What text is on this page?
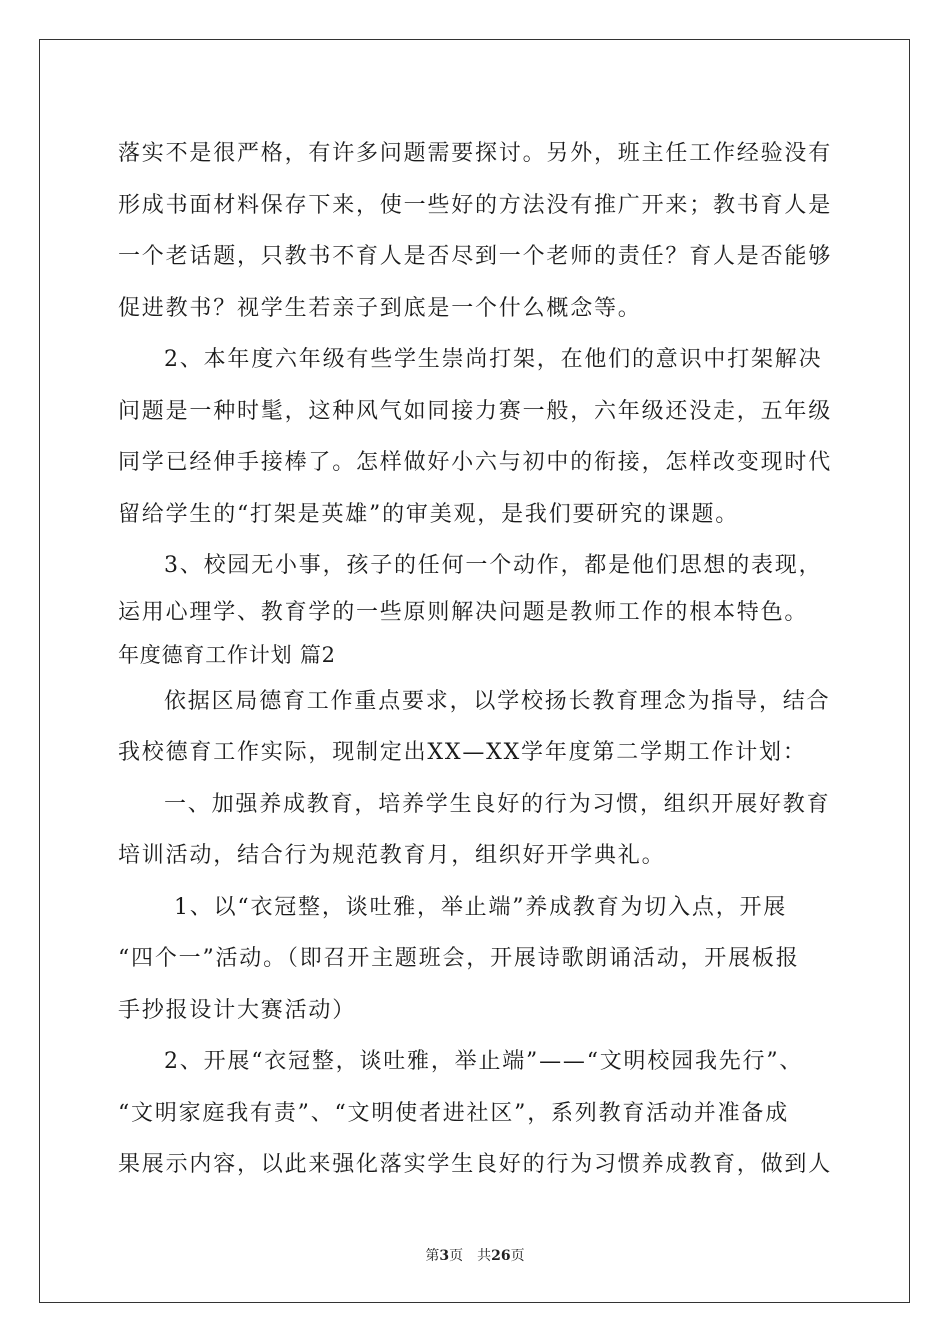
落实不是很严格，有许多问题需要探讨。另外，班主任工作经验没有
形成书面材料保存下来，使一些好的方法没有推广开来；教书育人是
一个老话题，只教书不育人是否尽到一个老师的责任？育人是否能够
促进教书？视学生若亲子到底是一个什么概念等。
2、本年度六年级有些学生崇尚打架，在他们的意识中打架解决
问题是一种时髦，这种风气如同接力赛一般，六年级还没走，五年级
同学已经伸手接棒了。怎样做好小六与初中的衔接，怎样改变现时代
留给学生的“打架是英雄”的审美观，是我们要研究的课题。
3、校园无小事，孩子的任何一个动作，都是他们思想的表现，
运用心理学、教育学的一些原则解决问题是教师工作的根本特色。
年度德育工作计划 篇2
依据区局德育工作重点要求，以学校扬长教育理念为指导，结合
我校德育工作实际，现制定出XX—XX学年度第二学期工作计划：
一、加强养成教育，培养学生良好的行为习惯，组织开展好教育
培训活动，结合行为规范教育月，组织好开学典礼。
1、以“衣冠整，谈吐雅，举止端”养成教育为切入点，开展
“四个一”活动。（即召开主题班会，开展诗歌朗诵活动，开展板报
手抄报设计大赛活动）
2、开展“衣冠整，谈吐雅，举止端”——“文明校园我先行”、
“文明家庭我有责”、“文明使者进社区”，系列教育活动并准备成
果展示内容，以此来强化落实学生良好的行为习惯养成教育，做到人
第3页 共26页
